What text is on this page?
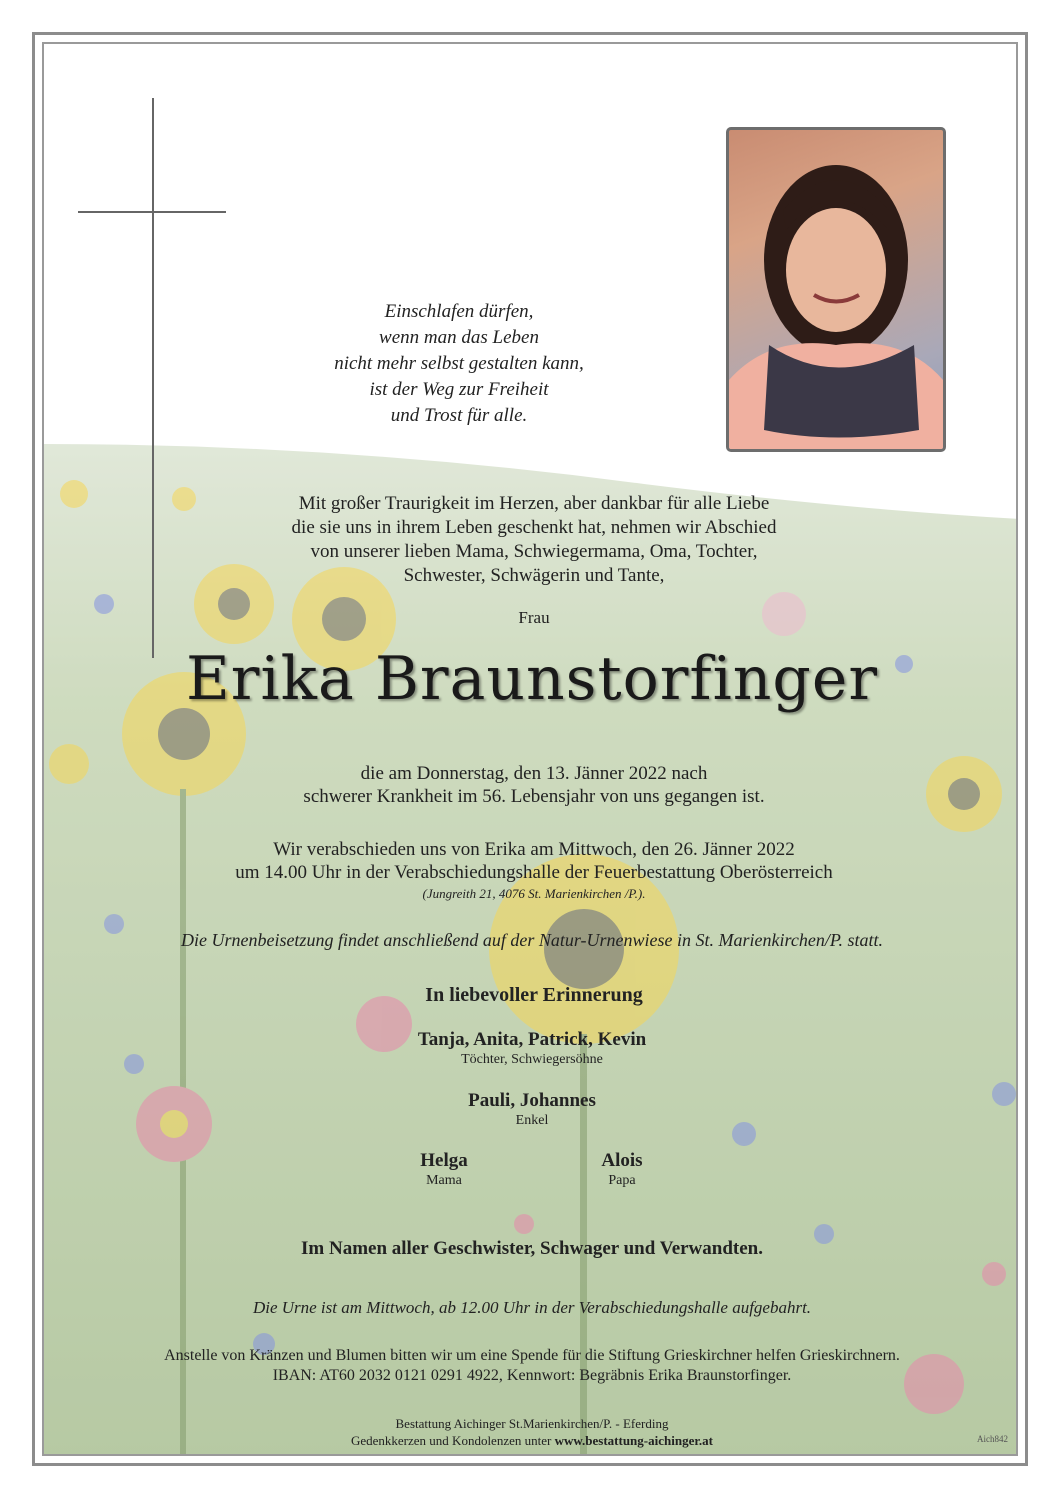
Einschlafen dürfen,
wenn man das Leben
nicht mehr selbst gestalten kann,
ist der Weg zur Freiheit
und Trost für alle.
Mit großer Traurigkeit im Herzen, aber dankbar für alle Liebe
die sie uns in ihrem Leben geschenkt hat, nehmen wir Abschied
von unserer lieben Mama, Schwiegermama, Oma, Tochter,
Schwester, Schwägerin und Tante,
Frau
Erika Braunstorfinger
die am Donnerstag, den 13. Jänner 2022 nach
schwerer Krankheit im 56. Lebensjahr von uns gegangen ist.
Wir verabschieden uns von Erika am Mittwoch, den 26. Jänner 2022
um 14.00 Uhr in der Verabschiedungshalle der Feuerbestattung Oberösterreich
(Jungreith 21, 4076 St. Marienkirchen /P.).
Die Urnenbeisetzung findet anschließend auf der Natur-Urnenwiese in St. Marienkirchen/P. statt.
In liebevoller Erinnerung
Tanja, Anita, Patrick, Kevin
Töchter, Schwiegersöhne
Pauli, Johannes
Enkel
Helga
Mama
Alois
Papa
Im Namen aller Geschwister, Schwager und Verwandten.
Die Urne ist am Mittwoch, ab 12.00 Uhr in der Verabschiedungshalle aufgebahrt.
Anstelle von Kränzen und Blumen bitten wir um eine Spende für die Stiftung Grieskirchner helfen Grieskirchnern.
IBAN: AT60 2032 0121 0291 4922, Kennwort: Begräbnis Erika Braunstorfinger.
Bestattung Aichinger St.Marienkirchen/P. - Eferding
Gedenkkerzen und Kondolenzen unter www.bestattung-aichinger.at	Aich842
